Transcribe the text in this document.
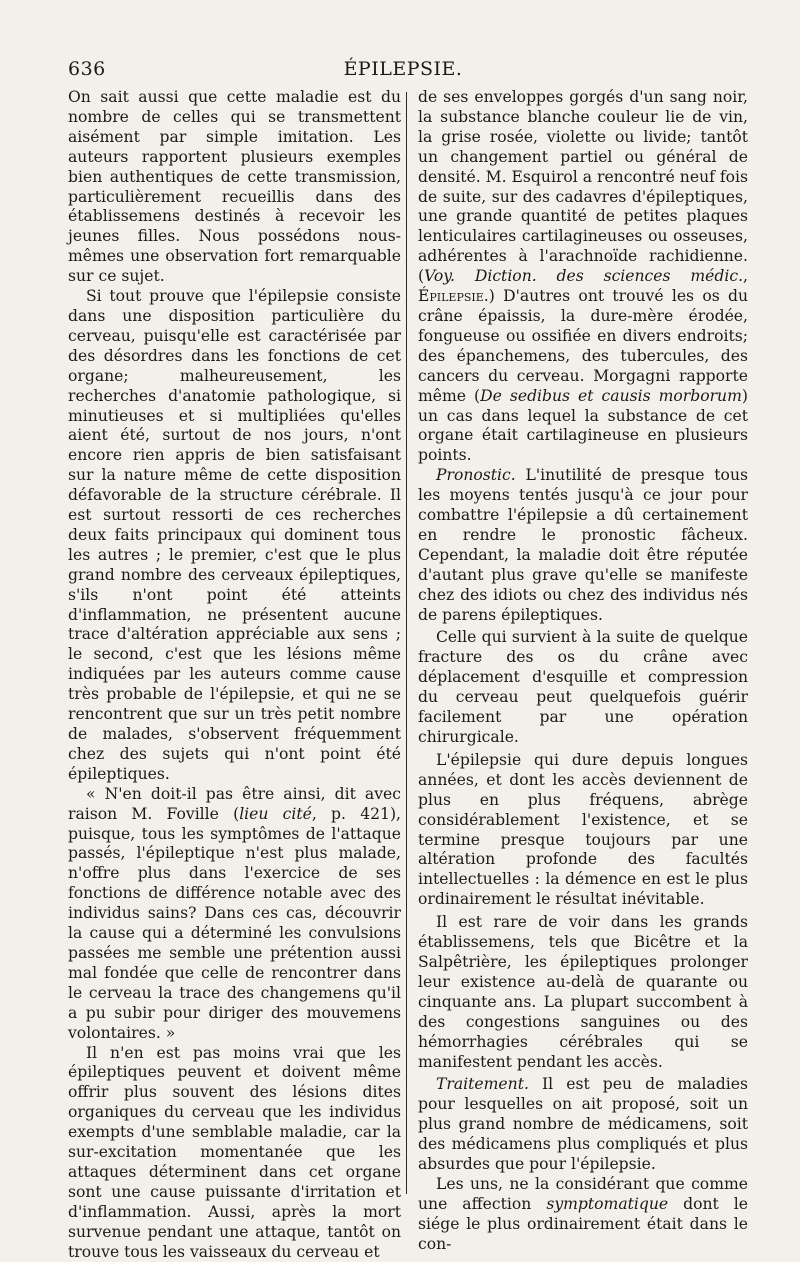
636	ÉPILEPSIE.

On sait aussi que cette maladie est du nombre de celles qui se transmettent aisément par simple imitation. Les auteurs rapportent plusieurs exemples bien authentiques de cette transmission, particulièrement recueillis dans des établissemens destinés à recevoir les jeunes filles. Nous possédons nous-mêmes une observation fort remarquable sur ce sujet.

Si tout prouve que l'épilepsie consiste dans une disposition particulière du cerveau, puisqu'elle est caractérisée par des désordres dans les fonctions de cet organe; malheureusement, les recherches d'anatomie pathologique, si minutieuses et si multipliées qu'elles aient été, surtout de nos jours, n'ont encore rien appris de bien satisfaisant sur la nature même de cette disposition défavorable de la structure cérébrale. Il est surtout ressorti de ces recherches deux faits principaux qui dominent tous les autres ; le premier, c'est que le plus grand nombre des cerveaux épileptiques, s'ils n'ont point été atteints d'inflammation, ne présentent aucune trace d'altération appréciable aux sens ; le second, c'est que les lésions même indiquées par les auteurs comme cause très probable de l'épilepsie, et qui ne se rencontrent que sur un très petit nombre de malades, s'observent fréquemment chez des sujets qui n'ont point été épileptiques.

« N'en doit-il pas être ainsi, dit avec raison M. Foville (lieu cité, p. 421), puisque, tous les symptômes de l'attaque passés, l'épileptique n'est plus malade, n'offre plus dans l'exercice de ses fonctions de différence notable avec des individus sains? Dans ces cas, découvrir la cause qui a déterminé les convulsions passées me semble une prétention aussi mal fondée que celle de rencontrer dans le cerveau la trace des changemens qu'il a pu subir pour diriger des mouvemens volontaires. »

Il n'en est pas moins vrai que les épileptiques peuvent et doivent même offrir plus souvent des lésions dites organiques du cerveau que les individus exempts d'une semblable maladie, car la sur-excitation momentanée que les attaques déterminent dans cet organe sont une cause puissante d'irritation et d'inflammation. Aussi, après la mort survenue pendant une attaque, tantôt on trouve tous les vaisseaux du cerveau et

de ses enveloppes gorgés d'un sang noir, la substance blanche couleur lie de vin, la grise rosée, violette ou livide; tantôt un changement partiel ou général de densité. M. Esquirol a rencontré neuf fois de suite, sur des cadavres d'épileptiques, une grande quantité de petites plaques lenticulaires cartilagineuses ou osseuses, adhérentes à l'arachnoïde rachidienne. (Voy. Diction. des sciences médic., Épilepsie.) D'autres ont trouvé les os du crâne épaissis, la dure-mère érodée, fongueuse ou ossifiée en divers endroits; des épanchemens, des tubercules, des cancers du cerveau. Morgagni rapporte même (De sedibus et causis morborum) un cas dans lequel la substance de cet organe était cartilagineuse en plusieurs points.

Pronostic. L'inutilité de presque tous les moyens tentés jusqu'à ce jour pour combattre l'épilepsie a dû certainement en rendre le pronostic fâcheux. Cependant, la maladie doit être réputée d'autant plus grave qu'elle se manifeste chez des idiots ou chez des individus nés de parens épileptiques.

Celle qui survient à la suite de quelque fracture des os du crâne avec déplacement d'esquille et compression du cerveau peut quelquefois guérir facilement par une opération chirurgicale.

L'épilepsie qui dure depuis longues années, et dont les accès deviennent de plus en plus fréquens, abrège considérablement l'existence, et se termine presque toujours par une altération profonde des facultés intellectuelles : la démence en est le plus ordinairement le résultat inévitable.

Il est rare de voir dans les grands établissemens, tels que Bicêtre et la Salpêtrière, les épileptiques prolonger leur existence au-delà de quarante ou cinquante ans. La plupart succombent à des congestions sanguines ou des hémorrhagies cérébrales qui se manifestent pendant les accès.

Traitement. Il est peu de maladies pour lesquelles on ait proposé, soit un plus grand nombre de médicamens, soit des médicamens plus compliqués et plus absurdes que pour l'épilepsie.

Les uns, ne la considérant que comme une affection symptomatique dont le siége le plus ordinairement était dans le con-
